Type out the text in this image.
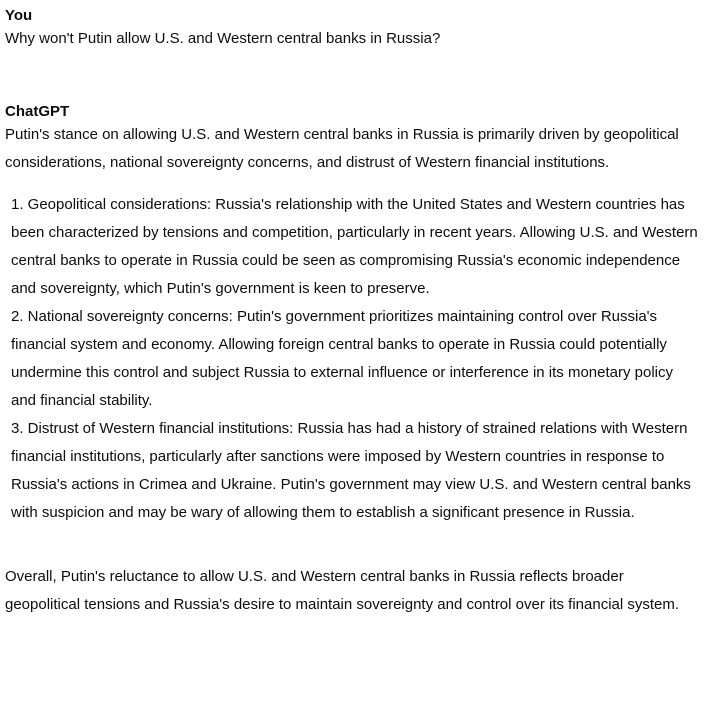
You

Why won't Putin allow U.S. and Western central banks in Russia?

ChatGPT

Putin's stance on allowing U.S. and Western central banks in Russia is primarily driven by geopolitical considerations, national sovereignty concerns, and distrust of Western financial institutions.

1. Geopolitical considerations: Russia's relationship with the United States and Western countries has been characterized by tensions and competition, particularly in recent years. Allowing U.S. and Western central banks to operate in Russia could be seen as compromising Russia's economic independence and sovereignty, which Putin's government is keen to preserve.
2. National sovereignty concerns: Putin's government prioritizes maintaining control over Russia's financial system and economy. Allowing foreign central banks to operate in Russia could potentially undermine this control and subject Russia to external influence or interference in its monetary policy and financial stability.
3. Distrust of Western financial institutions: Russia has had a history of strained relations with Western financial institutions, particularly after sanctions were imposed by Western countries in response to Russia's actions in Crimea and Ukraine. Putin's government may view U.S. and Western central banks with suspicion and may be wary of allowing them to establish a significant presence in Russia.

Overall, Putin's reluctance to allow U.S. and Western central banks in Russia reflects broader geopolitical tensions and Russia's desire to maintain sovereignty and control over its financial system.
